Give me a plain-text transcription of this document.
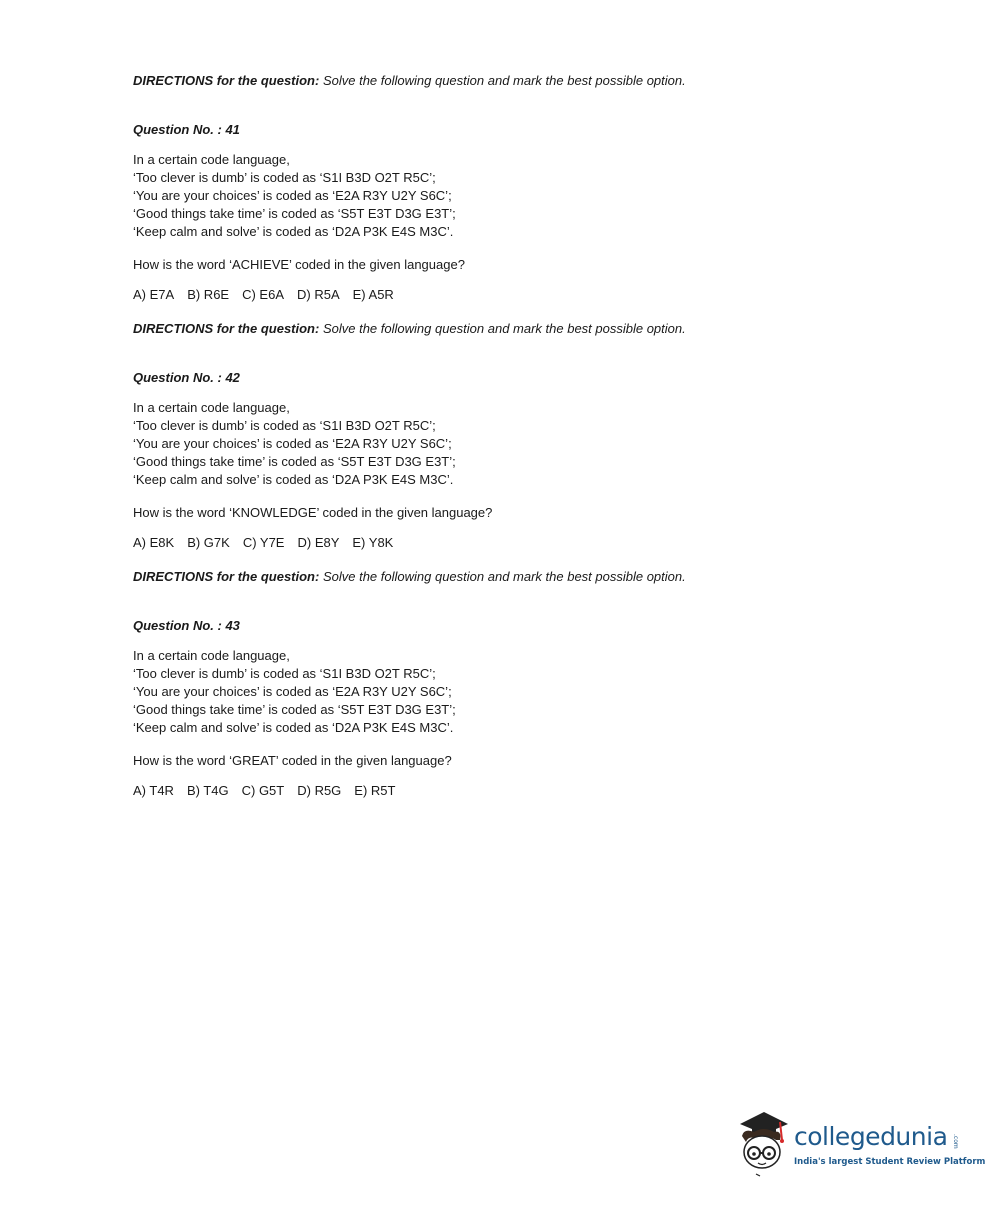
DIRECTIONS for the question: Solve the following question and mark the best possible option.

Question No. : 41

In a certain code language,
‘Too clever is dumb’ is coded as ‘S1I B3D O2T R5C’;
‘You are your choices’ is coded as ‘E2A R3Y U2Y S6C’;
‘Good things take time’ is coded as ‘S5T E3T D3G E3T’;
‘Keep calm and solve’ is coded as ‘D2A P3K E4S M3C’.

How is the word ‘ACHIEVE’ coded in the given language?

A) E7A B) R6E C) E6A D) R5A E) A5R

DIRECTIONS for the question: Solve the following question and mark the best possible option.

Question No. : 42

In a certain code language,
‘Too clever is dumb’ is coded as ‘S1I B3D O2T R5C’;
‘You are your choices’ is coded as ‘E2A R3Y U2Y S6C’;
‘Good things take time’ is coded as ‘S5T E3T D3G E3T’;
‘Keep calm and solve’ is coded as ‘D2A P3K E4S M3C’.

How is the word ‘KNOWLEDGE’ coded in the given language?

A) E8K B) G7K C) Y7E D) E8Y E) Y8K

DIRECTIONS for the question: Solve the following question and mark the best possible option.

Question No. : 43

In a certain code language,
‘Too clever is dumb’ is coded as ‘S1I B3D O2T R5C’;
‘You are your choices’ is coded as ‘E2A R3Y U2Y S6C’;
‘Good things take time’ is coded as ‘S5T E3T D3G E3T’;
‘Keep calm and solve’ is coded as ‘D2A P3K E4S M3C’.

How is the word ‘GREAT’ coded in the given language?

A) T4R B) T4G C) G5T D) R5G E) R5T

collegedunia .com
India's largest Student Review Platform
